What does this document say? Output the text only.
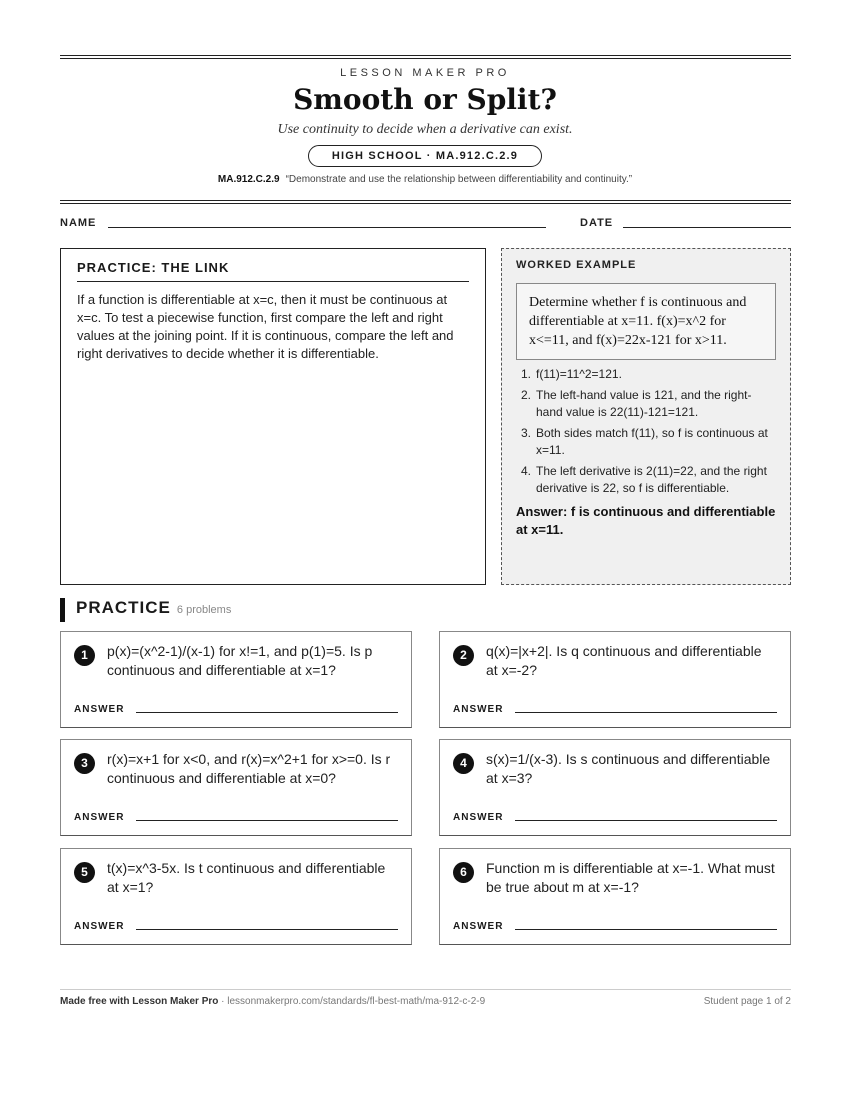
LESSON MAKER PRO
Smooth or Split?
Use continuity to decide when a derivative can exist.
HIGH SCHOOL · MA.912.C.2.9
MA.912.C.2.9 “Demonstrate and use the relationship between differentiability and continuity.”
NAME	DATE
PRACTICE: THE LINK

If a function is differentiable at x=c, then it must be continuous at x=c. To test a piecewise function, first compare the left and right values at the joining point. If it is continuous, compare the left and right derivatives to decide whether it is differentiable.

WORKED EXAMPLE
Determine whether f is continuous and differentiable at x=11. f(x)=x^2 for x<=11, and f(x)=22x-121 for x>11.
1. f(11)=11^2=121.
2. The left-hand value is 121, and the right-hand value is 22(11)-121=121.
3. Both sides match f(11), so f is continuous at x=11.
4. The left derivative is 2(11)=22, and the right derivative is 22, so f is differentiable.
Answer: f is continuous and differentiable at x=11.
PRACTICE 6 problems
1	p(x)=(x^2-1)/(x-1) for x!=1, and p(1)=5. Is p continuous and differentiable at x=1?
ANSWER
2	q(x)=|x+2|. Is q continuous and differentiable at x=-2?
ANSWER
3	r(x)=x+1 for x<0, and r(x)=x^2+1 for x>=0. Is r continuous and differentiable at x=0?
ANSWER
4	s(x)=1/(x-3). Is s continuous and differentiable at x=3?
ANSWER
5	t(x)=x^3-5x. Is t continuous and differentiable at x=1?
ANSWER
6	Function m is differentiable at x=-1. What must be true about m at x=-1?
ANSWER
Made free with Lesson Maker Pro · lessonmakerpro.com/standards/fl-best-math/ma-912-c-2-9	Student page 1 of 2
